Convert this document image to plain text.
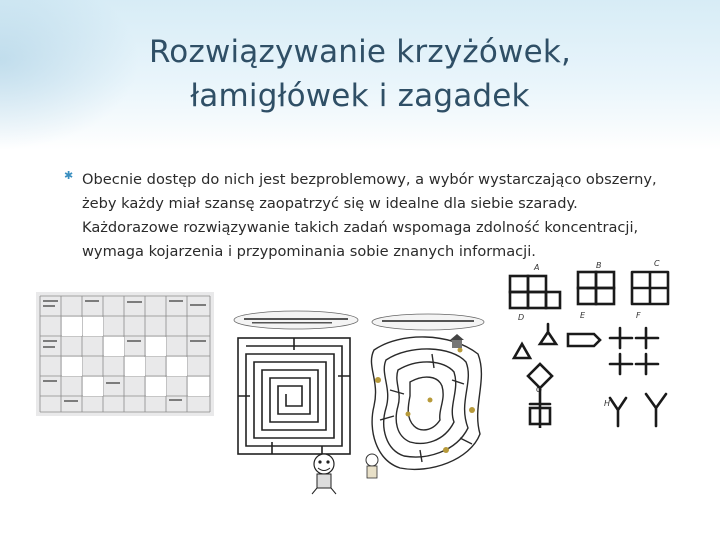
Rozwiązywanie krzyżówek,
łamigłówek i zagadek
✱ Obecnie dostęp do nich jest bezproblemowy, a wybór wystarczająco obszerny, żeby każdy miał szansę zaopatrzyć się w idealne dla siebie szarady. Każdorazowe rozwiązywanie takich zadań wspomaga zdolność koncentracji, wymaga kojarzenia i przypominania sobie znanych informacji.

A	B	C
D	E	F
G
H
